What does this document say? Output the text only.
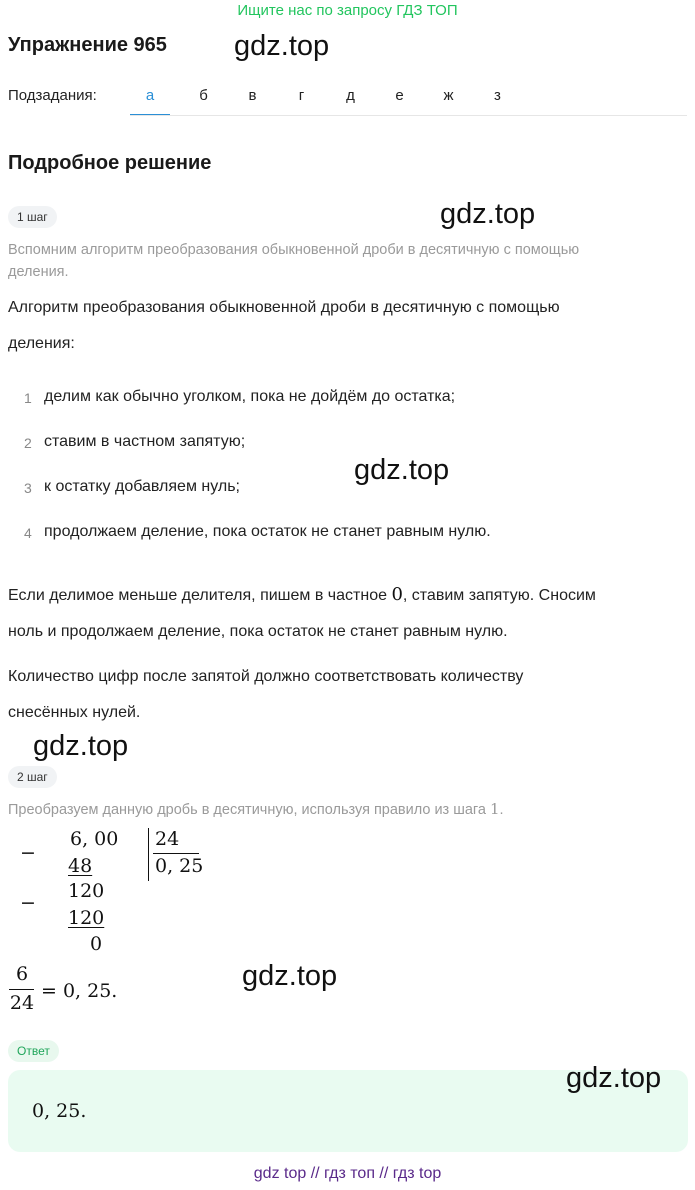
Ищите нас по запросу ГДЗ ТОП
Упражнение 965 gdz.top
Подзадания:	а	б	в	г	д	е	ж	з
Подробное решение
1 шаг	gdz.top
Вспомним алгоритм преобразования обыкновенной дроби в десятичную с помощью
деления.
Алгоритм преобразования обыкновенной дроби в десятичную с помощью
деления:
1 делим как обычно уголком, пока не дойдём до остатка;
2 ставим в частном запятую;
3 к остатку добавляем нуль;
4 продолжаем деление, пока остаток не станет равным нулю.
gdz.top
Если делимое меньше делителя, пишем в частное 0, ставим запятую. Сносим
ноль и продолжаем деление, пока остаток не станет равным нулю.
Количество цифр после запятой должно соответствовать количеству
снесённых нулей.
gdz.top
2 шаг
Преобразуем данную дробь в десятичную, используя правило из шага 1.
−
6, 00 24
48	0, 25
−
120
120
0
6
24
= 0, 25.	gdz.top
Ответ
0, 25.
gdz.top
gdz top // гдз топ // гдз top
